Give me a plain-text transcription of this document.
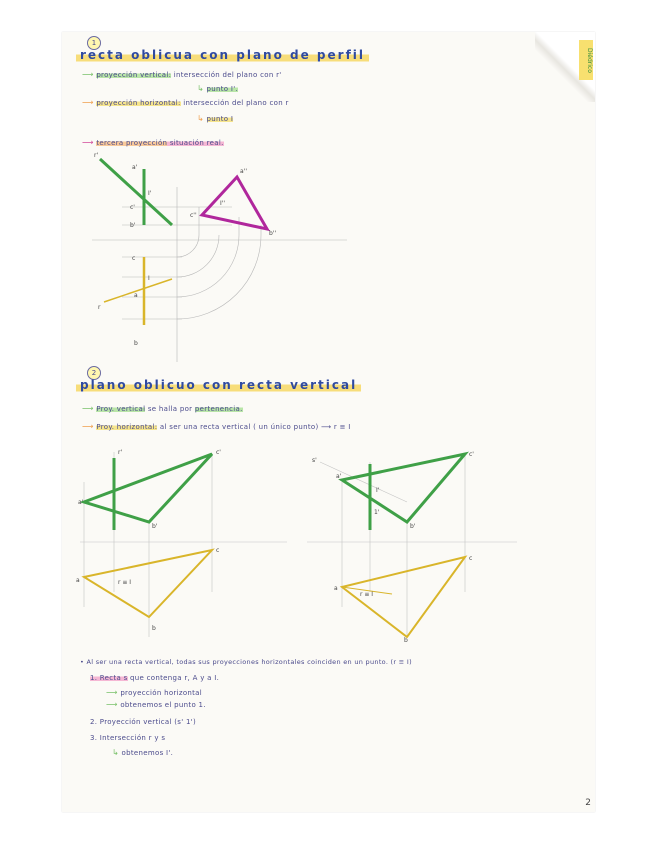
Diédrico
1
recta oblicua con plano de perfil
⟶ proyección vertical: intersección del plano con r'
↳ punto I'.
⟶ proyección horizontal: intersección del plano con r
↳ punto I
⟶ tercera proyección situación real.
r'
a'
I'
c'
b'
c
I
a
r
b
a''
c''
b''
I''
2
plano oblicuo con recta vertical
⟶ Proy. vertical se halla por pertenencia.
⟶ Proy. horizontal: al ser una recta vertical ( un único punto) ⟶ r ≡ I
a'
r'	c'
b'
a	r ≡ I
c
b
s'
a'
1'
I'
c'
b'
a
r ≡ I
c
b
• Al ser una recta vertical, todas sus proyecciones horizontales coinciden en un punto. (r ≡ I)
1. Recta s que contenga r, A y a I.
⟶ proyección horizontal
⟶ obtenemos el punto 1.
2. Proyección vertical (s' 1')
3. Intersección r y s
↳ obtenemos I'.
2
